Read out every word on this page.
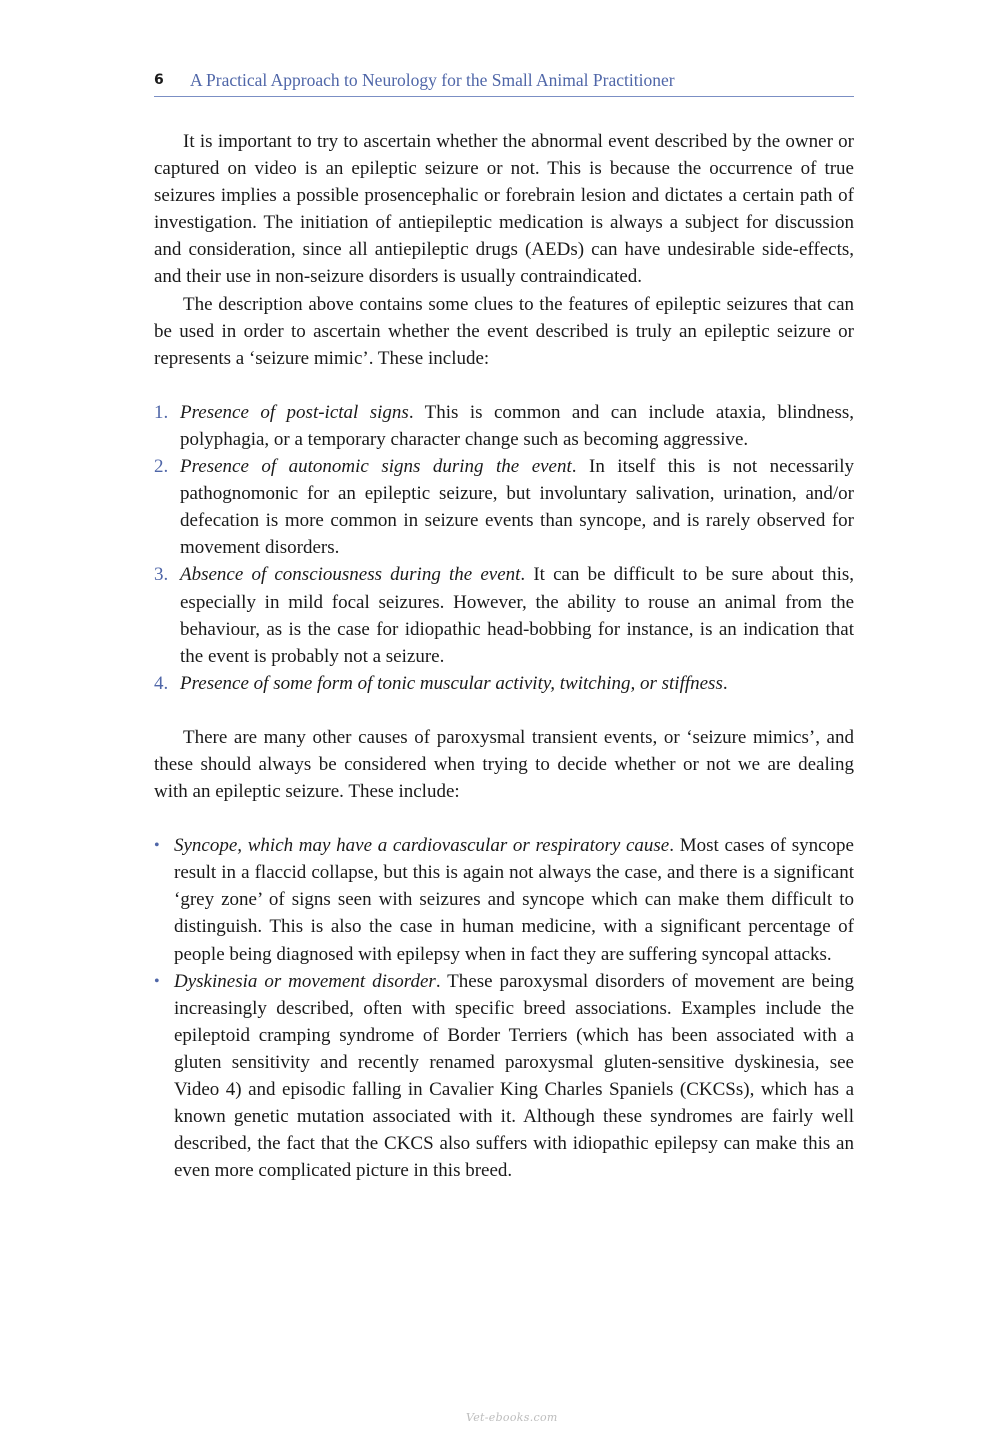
6	A Practical Approach to Neurology for the Small Animal Practitioner

It is important to try to ascertain whether the abnormal event described by the owner or captured on video is an epileptic seizure or not. This is because the occurrence of true seizures implies a possible prosencephalic or forebrain lesion and dictates a certain path of investigation. The initiation of antiepileptic medication is always a subject for discussion and consideration, since all antiepileptic drugs (AEDs) can have undesirable side-effects, and their use in non-seizure disorders is usually contraindicated.

The description above contains some clues to the features of epileptic seizures that can be used in order to ascertain whether the event described is truly an epileptic seizure or represents a ‘seizure mimic’. These include:

1. Presence of post-ictal signs. This is common and can include ataxia, blindness, polyphagia, or a temporary character change such as becoming aggressive.
2. Presence of autonomic signs during the event. In itself this is not necessarily pathognomonic for an epileptic seizure, but involuntary salivation, urination, and/or defecation is more common in seizure events than syncope, and is rarely observed for movement disorders.
3. Absence of consciousness during the event. It can be difficult to be sure about this, especially in mild focal seizures. However, the ability to rouse an animal from the behaviour, as is the case for idiopathic head-bobbing for instance, is an indication that the event is probably not a seizure.
4. Presence of some form of tonic muscular activity, twitching, or stiffness.

There are many other causes of paroxysmal transient events, or ‘seizure mimics’, and these should always be considered when trying to decide whether or not we are dealing with an epileptic seizure. These include:

• Syncope, which may have a cardiovascular or respiratory cause. Most cases of syncope result in a flaccid collapse, but this is again not always the case, and there is a significant ‘grey zone’ of signs seen with seizures and syncope which can make them difficult to distinguish. This is also the case in human medicine, with a significant percentage of people being diagnosed with epilepsy when in fact they are suffering syncopal attacks.
• Dyskinesia or movement disorder. These paroxysmal disorders of movement are being increasingly described, often with specific breed associations. Examples include the epileptoid cramping syndrome of Border Terriers (which has been associated with a gluten sensitivity and recently renamed paroxysmal gluten-sensitive dyskinesia, see Video 4) and episodic falling in Cavalier King Charles Spaniels (CKCSs), which has a known genetic mutation associated with it. Although these syndromes are fairly well described, the fact that the CKCS also suffers with idiopathic epilepsy can make this an even more complicated picture in this breed.
Vet-ebooks.com
